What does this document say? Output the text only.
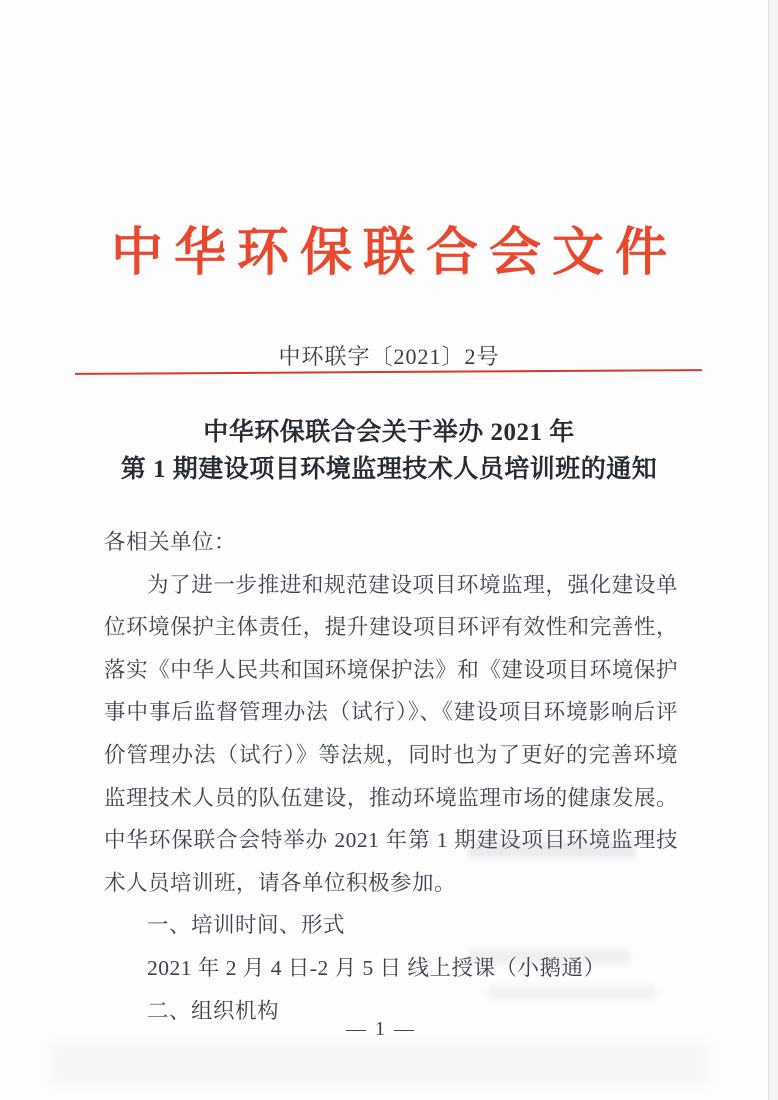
中华环保联合会文件
中环联字〔2021〕2号
中华环保联合会关于举办 2021 年
第 1 期建设项目环境监理技术人员培训班的通知
各相关单位：
为了进一步推进和规范建设项目环境监理，强化建设单
位环境保护主体责任，提升建设项目环评有效性和完善性，
落实《中华人民共和国环境保护法》和《建设项目环境保护
事中事后监督管理办法（试行）》、《建设项目环境影响后评
价管理办法（试行）》等法规，同时也为了更好的完善环境
监理技术人员的队伍建设，推动环境监理市场的健康发展。
中华环保联合会特举办 2021 年第 1 期建设项目环境监理技
术人员培训班，请各单位积极参加。
一、培训时间、形式
2021 年 2 月 4 日-2 月 5 日 线上授课（小鹅通）
二、组织机构
— 1 —
